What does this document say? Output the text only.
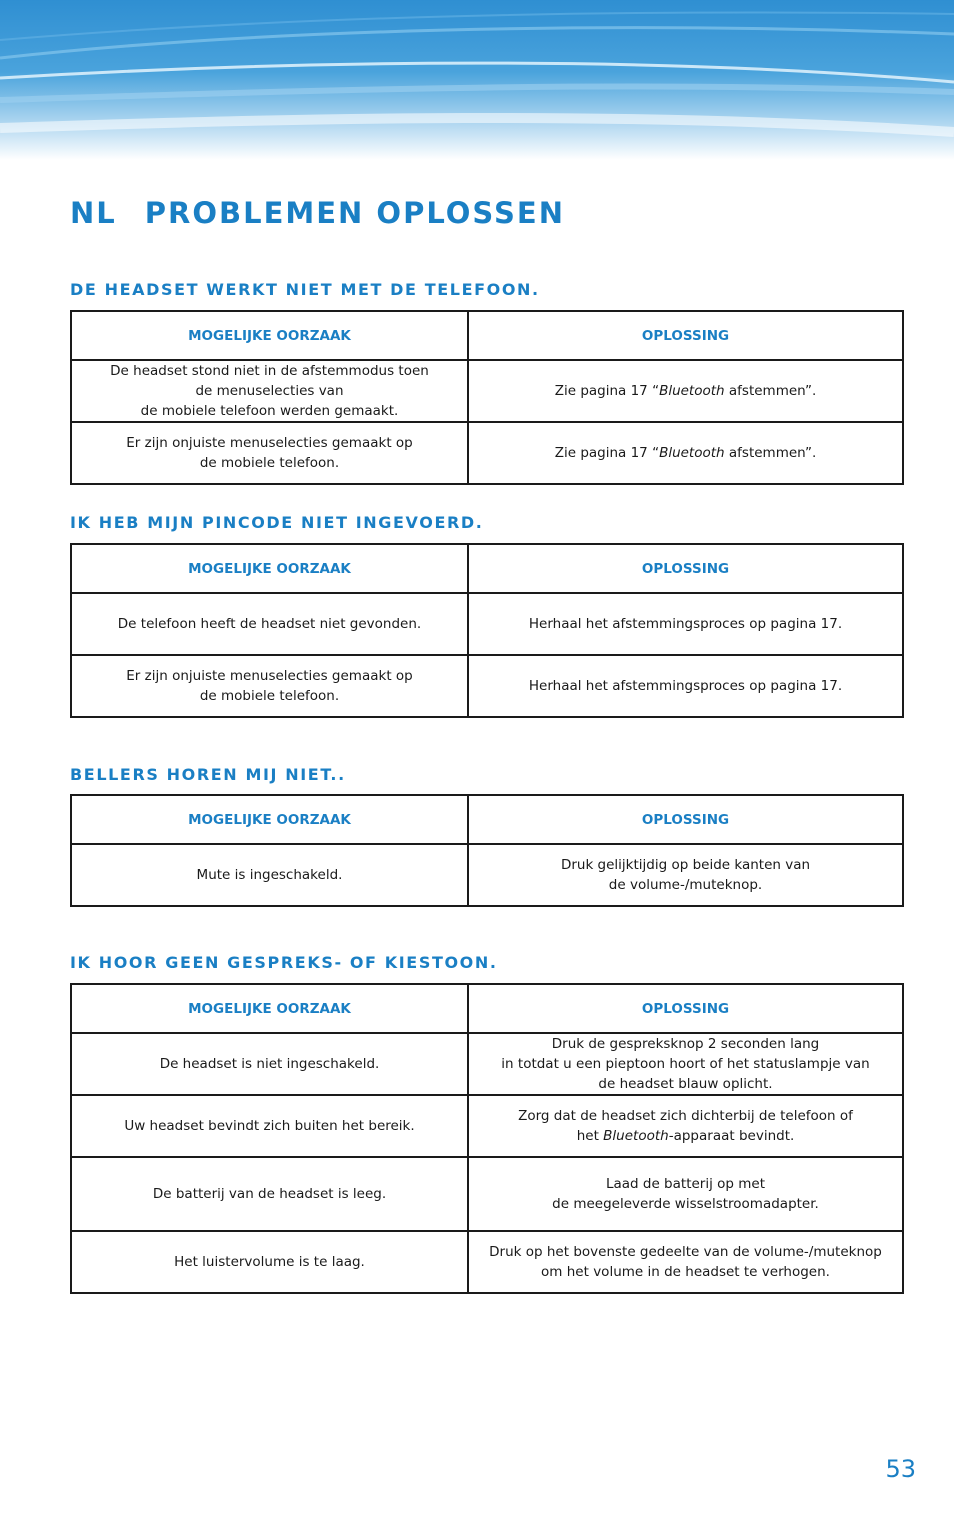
NL PROBLEMEN OPLOSSEN
DE HEADSET WERKT NIET MET DE TELEFOON.
MOGELIJKE OORZAAK	OPLOSSING

De headset stond niet in de afstemmodus toen
de menuselecties van
de mobiele telefoon werden gemaakt.	Zie pagina 17 “Bluetooth afstemmen”.

Er zijn onjuiste menuselecties gemaakt op
de mobiele telefoon.	Zie pagina 17 “Bluetooth afstemmen”.
IK HEB MIJN PINCODE NIET INGEVOERD.
MOGELIJKE OORZAAK	OPLOSSING

De telefoon heeft de headset niet gevonden.	Herhaal het afstemmingsproces op pagina 17.

Er zijn onjuiste menuselecties gemaakt op
de mobiele telefoon.	Herhaal het afstemmingsproces op pagina 17.
BELLERS HOREN MIJ NIET..
MOGELIJKE OORZAAK	OPLOSSING

Mute is ingeschakeld.	Druk gelijktijdig op beide kanten van
de volume-/muteknop.
IK HOOR GEEN GESPREKS- OF KIESTOON.
MOGELIJKE OORZAAK	OPLOSSING

De headset is niet ingeschakeld.	Druk de gespreksknop 2 seconden lang
in totdat u een pieptoon hoort of het statuslampje van
de headset blauw oplicht.

Uw headset bevindt zich buiten het bereik.	Zorg dat de headset zich dichterbij de telefoon of
het Bluetooth-apparaat bevindt.

De batterij van de headset is leeg.	Laad de batterij op met
de meegeleverde wisselstroomadapter.

Het luistervolume is te laag.	Druk op het bovenste gedeelte van de volume-/muteknop
om het volume in de headset te verhogen.
53
